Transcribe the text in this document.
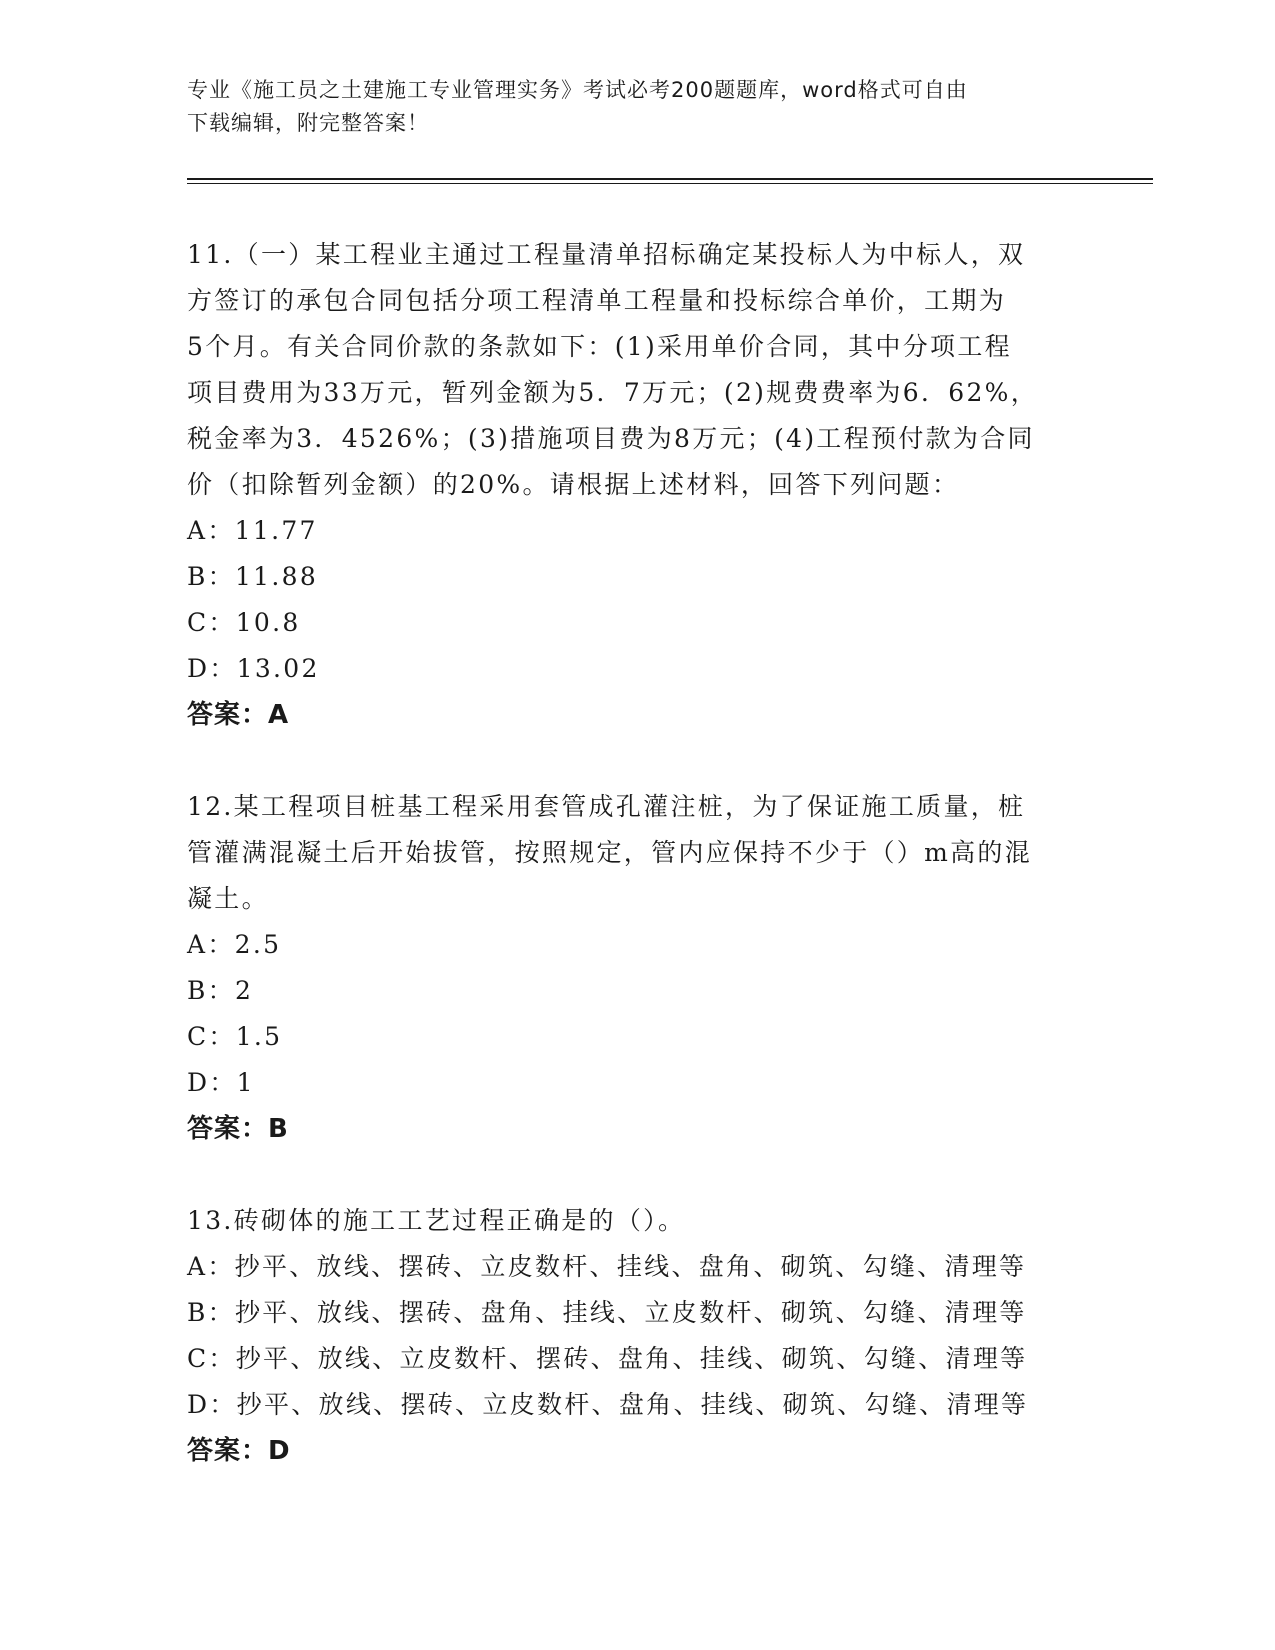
专业《施工员之土建施工专业管理实务》考试必考200题题库，word格式可自由
下载编辑，附完整答案！
11.（一）某工程业主通过工程量清单招标确定某投标人为中标人，双
方签订的承包合同包括分项工程清单工程量和投标综合单价，工期为
5个月。有关合同价款的条款如下：(1)采用单价合同，其中分项工程
项目费用为33万元，暂列金额为5．7万元；(2)规费费率为6．62%，
税金率为3．4526%；(3)措施项目费为8万元；(4)工程预付款为合同
价（扣除暂列金额）的20%。请根据上述材料，回答下列问题：
A：11.77
B：11.88
C：10.8
D：13.02
答案：A
12.某工程项目桩基工程采用套管成孔灌注桩，为了保证施工质量，桩
管灌满混凝土后开始拔管，按照规定，管内应保持不少于（）m高的混
凝土。
A：2.5
B：2
C：1.5
D：1
答案：B
13.砖砌体的施工工艺过程正确是的（）。
A：抄平、放线、摆砖、立皮数杆、挂线、盘角、砌筑、勾缝、清理等
B：抄平、放线、摆砖、盘角、挂线、立皮数杆、砌筑、勾缝、清理等
C：抄平、放线、立皮数杆、摆砖、盘角、挂线、砌筑、勾缝、清理等
D：抄平、放线、摆砖、立皮数杆、盘角、挂线、砌筑、勾缝、清理等
答案：D
